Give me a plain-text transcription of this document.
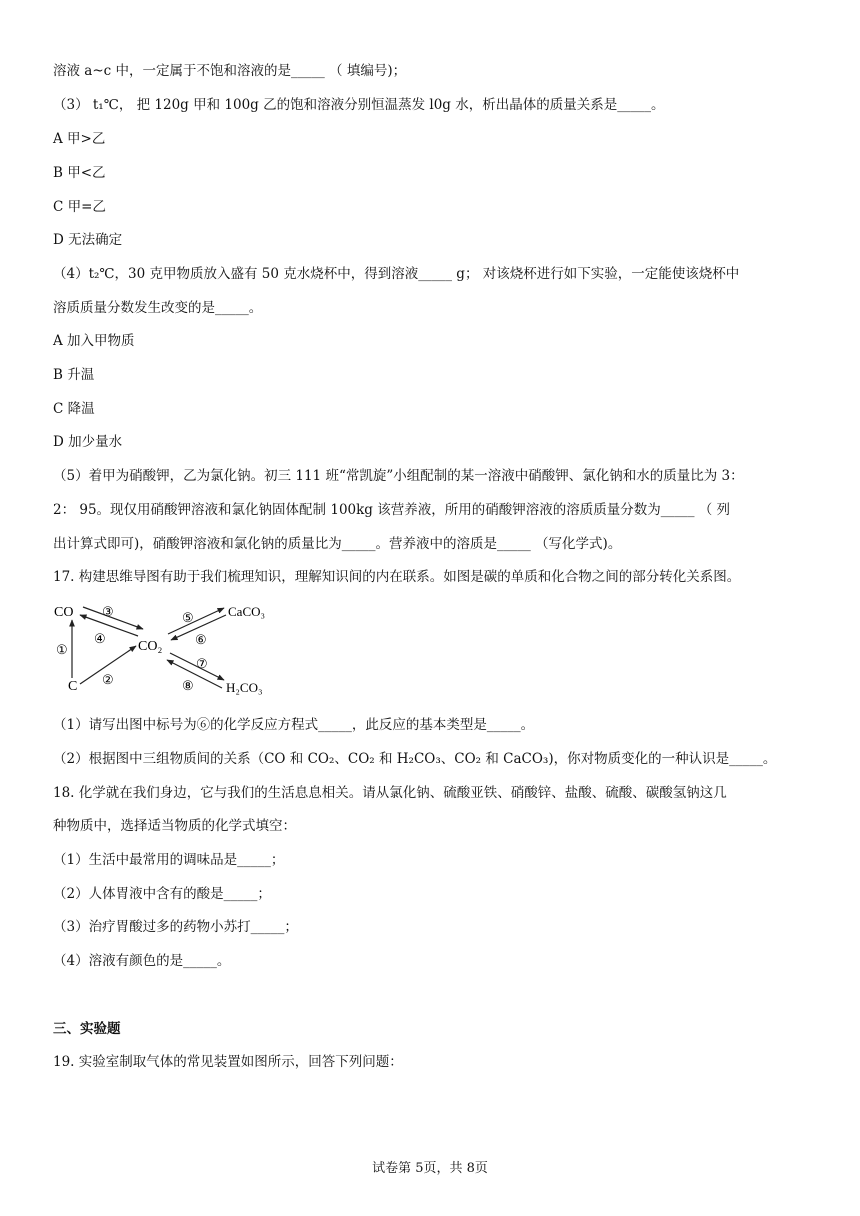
溶液 a~c 中，一定属于不饱和溶液的是_____ （ 填编号)；
（3） t₁℃， 把 120g 甲和 100g 乙的饱和溶液分别恒温蒸发 l0g 水，析出晶体的质量关系是_____。
A 甲>乙
B 甲<乙
C 甲=乙
D 无法确定
（4）t₂℃，30 克甲物质放入盛有 50 克水烧杯中，得到溶液_____ g； 对该烧杯进行如下实验，一定能使该烧杯中
溶质质量分数发生改变的是_____。
A 加入甲物质
B 升温
C 降温
D 加少量水
（5）着甲为硝酸钾，乙为氯化钠。初三 111 班“常凯旋”小组配制的某一溶液中硝酸钾、氯化钠和水的质量比为 3：
2： 95。现仅用硝酸钾溶液和氯化钠固体配制 100kg 该营养液，所用的硝酸钾溶液的溶质质量分数为_____ （ 列
出计算式即可)，硝酸钾溶液和氯化钠的质量比为_____。营养液中的溶质是_____ （写化学式)。
17. 构建思维导图有助于我们梳理知识，理解知识间的内在联系。如图是碳的单质和化合物之间的部分转化关系图。
CO
CO₂
C
CaCO₃
H₂CO₃
①
②
③
④
⑤
⑥
⑦
⑧
（1）请写出图中标号为⑥的化学反应方程式_____，此反应的基本类型是_____。
（2）根据图中三组物质间的关系（CO 和 CO₂、CO₂ 和 H₂CO₃、CO₂ 和 CaCO₃)，你对物质变化的一种认识是_____。
18. 化学就在我们身边，它与我们的生活息息相关。请从氯化钠、硫酸亚铁、硝酸锌、盐酸、硫酸、碳酸氢钠这几
种物质中，选择适当物质的化学式填空：
（1）生活中最常用的调味品是_____；
（2）人体胃液中含有的酸是_____；
（3）治疗胃酸过多的药物小苏打_____；
（4）溶液有颜色的是_____。
三、实验题
19. 实验室制取气体的常见装置如图所示，回答下列问题：
试卷第 5页，共 8页
